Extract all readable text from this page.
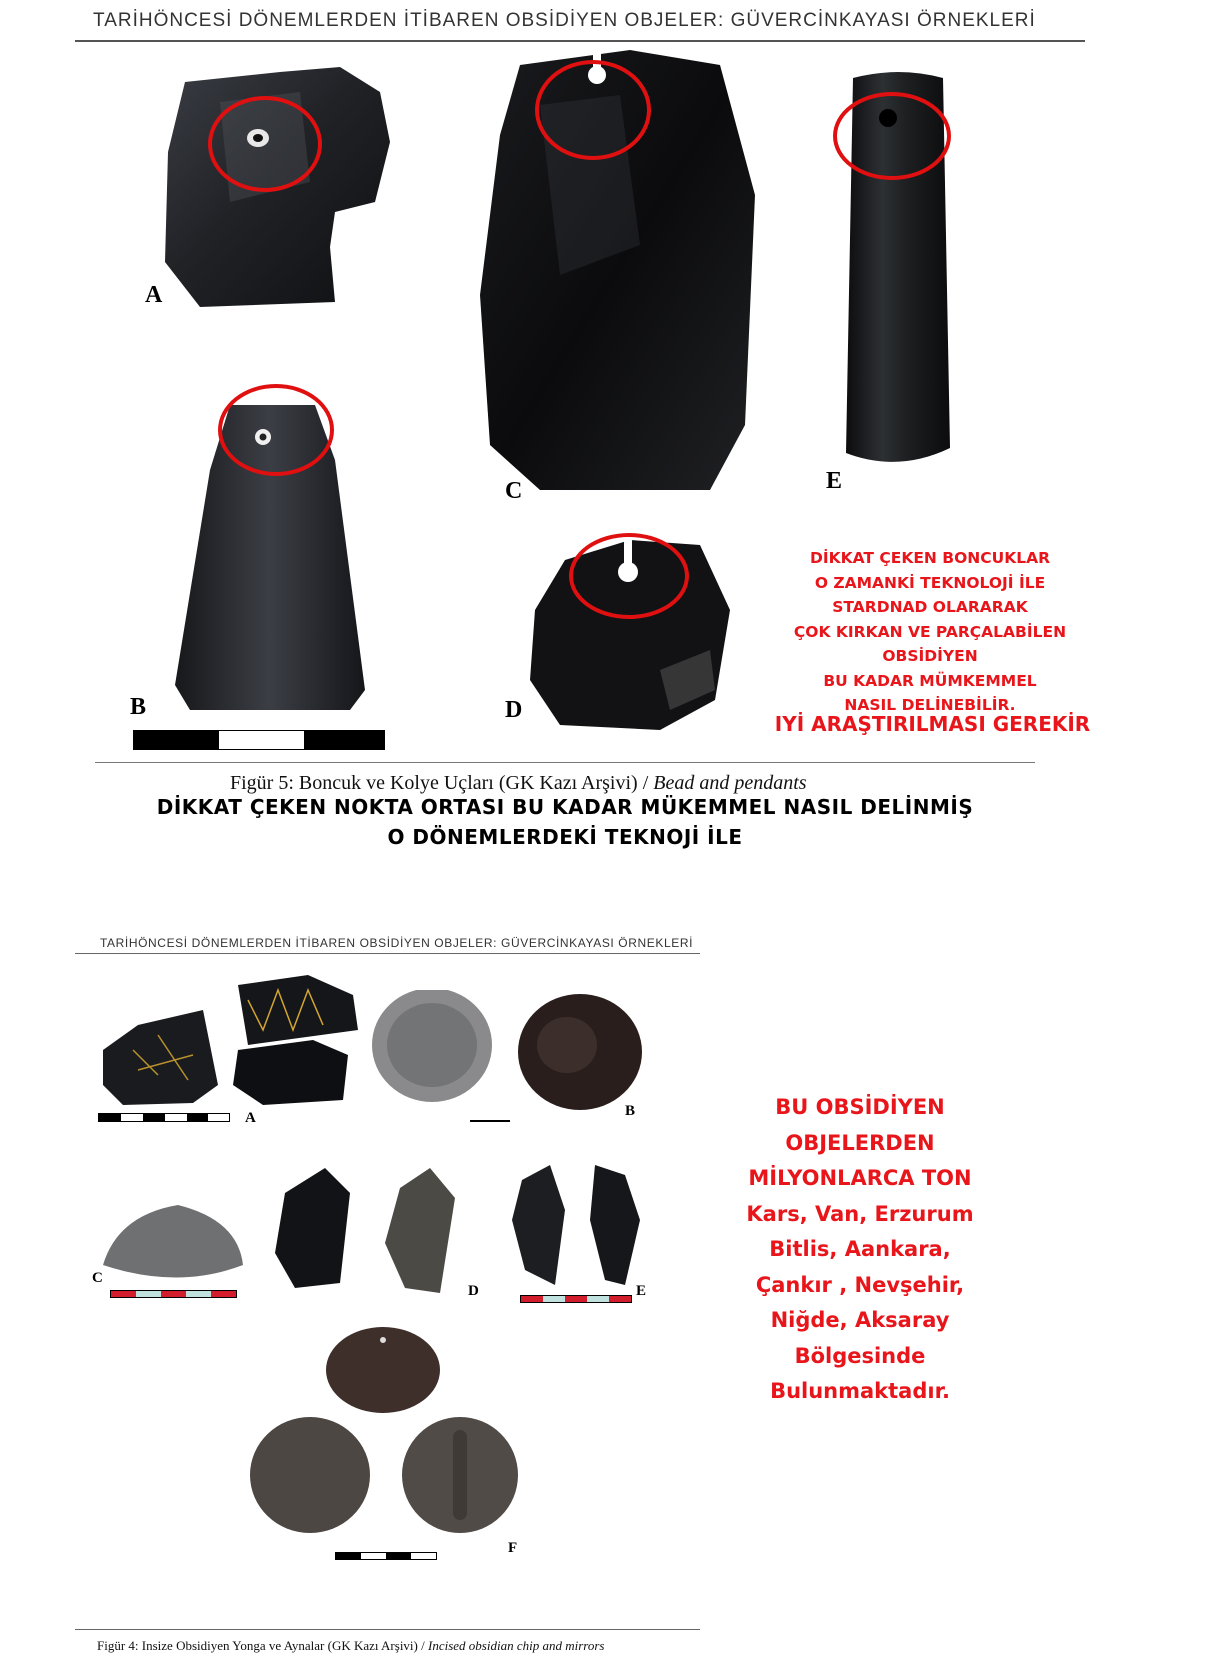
TARİHÖNCESİ DÖNEMLERDEN İTİBAREN OBSİDİYEN OBJELER: GÜVERCİNKAYASI ÖRNEKLERİ
A
B
C
D
E
DİKKAT ÇEKEN BONCUKLAR
O ZAMANKİ TEKNOLOJİ İLE
STARDNAD OLARARAK
ÇOK KIRKAN VE PARÇALABİLEN
OBSİDİYEN
BU KADAR MÜMKEMMEL
NASIL DELİNEBİLİR.
IYİ ARAŞTIRILMASI GEREKİR
Figür 5: Boncuk ve Kolye Uçları (GK Kazı Arşivi) / Bead and pendants
DİKKAT ÇEKEN NOKTA ORTASI BU KADAR MÜKEMMEL NASIL DELİNMİŞ
O DÖNEMLERDEKİ TEKNOJİ İLE
TARİHÖNCESİ DÖNEMLERDEN İTİBAREN OBSİDİYEN OBJELER: GÜVERCİNKAYASI ÖRNEKLERİ
A	B
C
D	E
F
BU OBSİDİYEN
OBJELERDEN
MİLYONLARCA TON
Kars, Van, Erzurum
Bitlis, Aankara,
Çankır , Nevşehir,
Niğde, Aksaray
Bölgesinde
Bulunmaktadır.
Figür 4: Insize Obsidiyen Yonga ve Aynalar (GK Kazı Arşivi) / Incised obsidian chip and mirrors
